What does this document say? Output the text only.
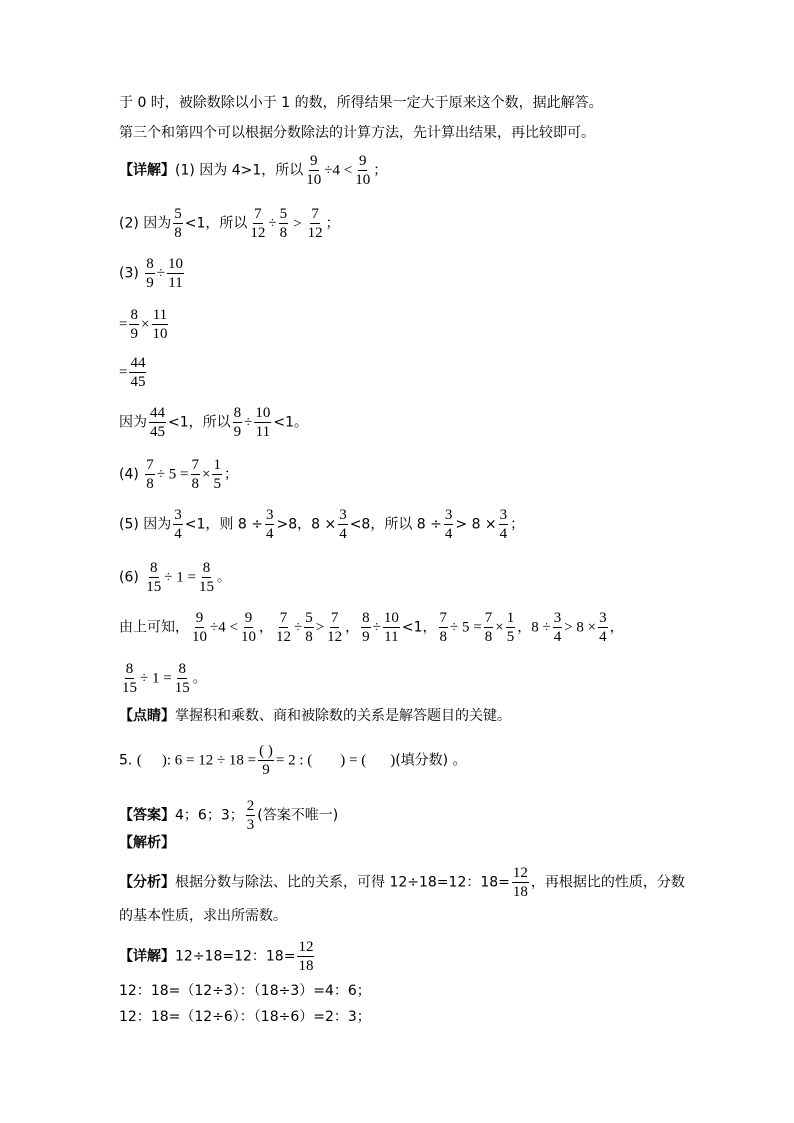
于 0 时，被除数除以小于 1 的数，所得结果一定大于原来这个数，据此解答。
第三个和第四个可以根据分数除法的计算方法，先计算出结果，再比较即可。
【详解】(1) 因为 4>1，所以 $\frac{9}{10} \div 4 < \frac{9}{10}$ ；
(2) 因为 $\frac{5}{8} <1$，所以 $\frac{7}{12} \div \frac{5}{8} > \frac{7}{12}$ ；
$(3) \frac{8}{9} \div \frac{10}{11}$
= $\frac{8}{9} \times \frac{11}{10}$
= $\frac{44}{45}$
因为 $\frac{44}{45} <1$，所以 $\frac{8}{9} \div \frac{10}{11} <1$。
$(4) \frac{7}{8} \div 5 = \frac{7}{8} \times \frac{1}{5}$ ；
(5) 因为 $\frac{3}{4} <1$，则 $8 \div \frac{3}{4} >8$，$8 \times \frac{3}{4} <8$，所以 $8 \div \frac{3}{4} > 8 \times \frac{3}{4}$ ；
$(6) \frac{8}{15} \div 1 = \frac{8}{15}$ 。
由上可知， $\frac{9}{10} \div 4 < \frac{9}{10}$ ， $\frac{7}{12} \div \frac{5}{8} > \frac{7}{12}$ ， $\frac{8}{9} \div \frac{10}{11} <1$， $\frac{7}{8} \div 5 = \frac{7}{8} \times \frac{1}{5}$ ，$8 \div \frac{3}{4} > 8 \times \frac{3}{4}$ ，
$\frac{8}{15} \div 1 = \frac{8}{15}$ 。
【点睛】掌握积和乘数、商和被除数的关系是解答题目的关键。
5. ( ): 6 = 12 ÷ 18 =
( )
9
= 2 : ( ) = ( )(填分数) 。
【答案】4；6；3； $\frac{2}{3}$ (答案不唯一)
【解析】
【分析】根据分数与除法、比的关系，可得 12÷18=12：$18= \frac{12}{18}$ ，再根据比的性质，分数
的基本性质，求出所需数。
【详解】12÷18=12：$18= \frac{12}{18}$
12：18=（12÷3）：（18÷3）=4：6；
12：18=（12÷6）：（18÷6）=2：3；
